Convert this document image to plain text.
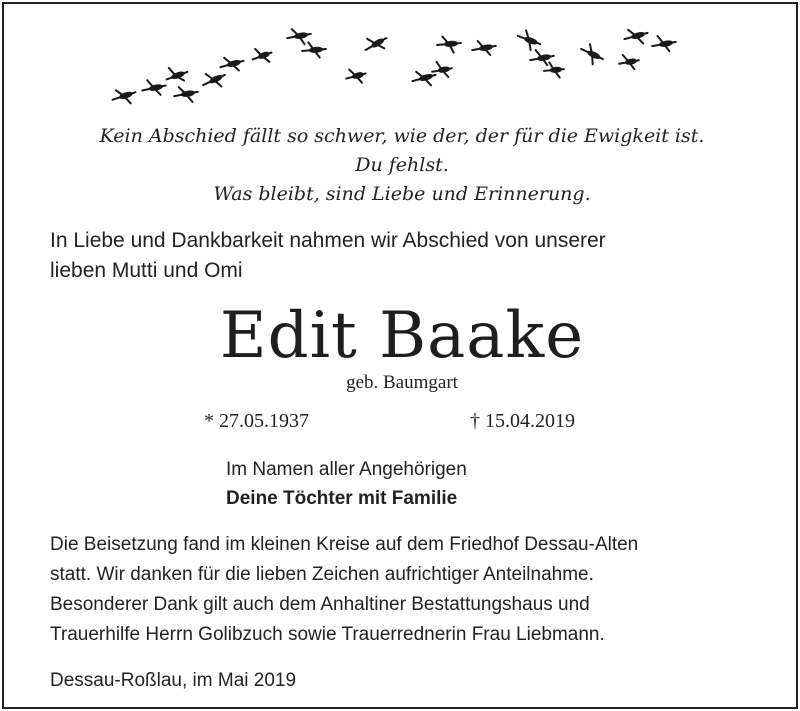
Kein Abschied fällt so schwer, wie der, der für die Ewigkeit ist.
Du fehlst.
Was bleibt, sind Liebe und Erinnerung.
In Liebe und Dankbarkeit nahmen wir Abschied von unserer
lieben Mutti und Omi
Edit Baake
geb. Baumgart
* 27.05.1937	† 15.04.2019
Im Namen aller Angehörigen
Deine Töchter mit Familie
Die Beisetzung fand im kleinen Kreise auf dem Friedhof Dessau-Alten
statt. Wir danken für die lieben Zeichen aufrichtiger Anteilnahme.
Besonderer Dank gilt auch dem Anhaltiner Bestattungshaus und
Trauerhilfe Herrn Golibzuch sowie Trauerrednerin Frau Liebmann.
Dessau-Roßlau, im Mai 2019
